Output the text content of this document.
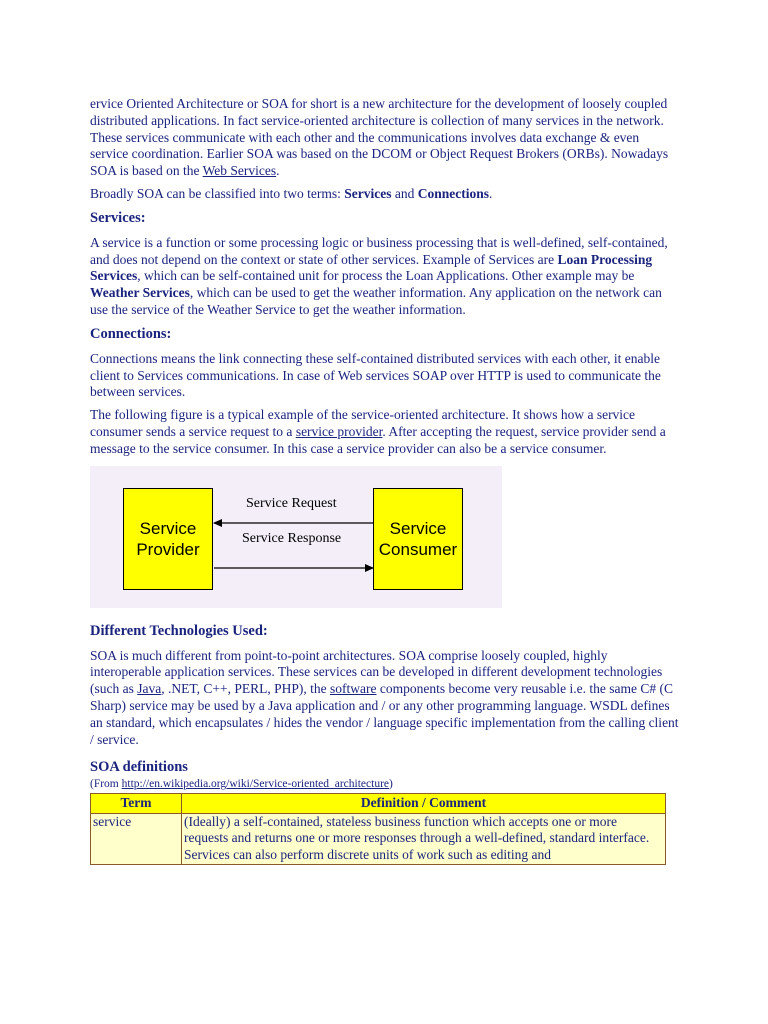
ervice Oriented Architecture or SOA for short is a new architecture for the development of loosely coupled distributed applications. In fact service-oriented architecture is collection of many services in the network. These services communicate with each other and the communications involves data exchange & even service coordination. Earlier SOA was based on the DCOM or Object Request Brokers (ORBs). Nowadays SOA is based on the Web Services.

Broadly SOA can be classified into two terms: Services and Connections.

Services:

A service is a function or some processing logic or business processing that is well-defined, self-contained, and does not depend on the context or state of other services. Example of Services are Loan Processing Services, which can be self-contained unit for process the Loan Applications. Other example may be Weather Services, which can be used to get the weather information. Any application on the network can use the service of the Weather Service to get the weather information.

Connections:

Connections means the link connecting these self-contained distributed services with each other, it enable client to Services communications. In case of Web services SOAP over HTTP is used to communicate the between services.

The following figure is a typical example of the service-oriented architecture. It shows how a service consumer sends a service request to a service provider. After accepting the request, service provider send a message to the service consumer. In this case a service provider can also be a service consumer.

Service Provider
Service Consumer
Service Request
Service Response
Different Technologies Used:

SOA is much different from point-to-point architectures. SOA comprise loosely coupled, highly interoperable application services. These services can be developed in different development technologies (such as Java, .NET, C++, PERL, PHP), the software components become very reusable i.e. the same C# (C Sharp) service may be used by a Java application and / or any other programming language. WSDL defines an standard, which encapsulates / hides the vendor / language specific implementation from the calling client / service.

SOA definitions

(From http://en.wikipedia.org/wiki/Service-oriented_architecture)

Term	Definition / Comment
service	(Ideally) a self-contained, stateless business function which accepts one or more requests and returns one or more responses through a well-defined, standard interface. Services can also perform discrete units of work such as editing and
